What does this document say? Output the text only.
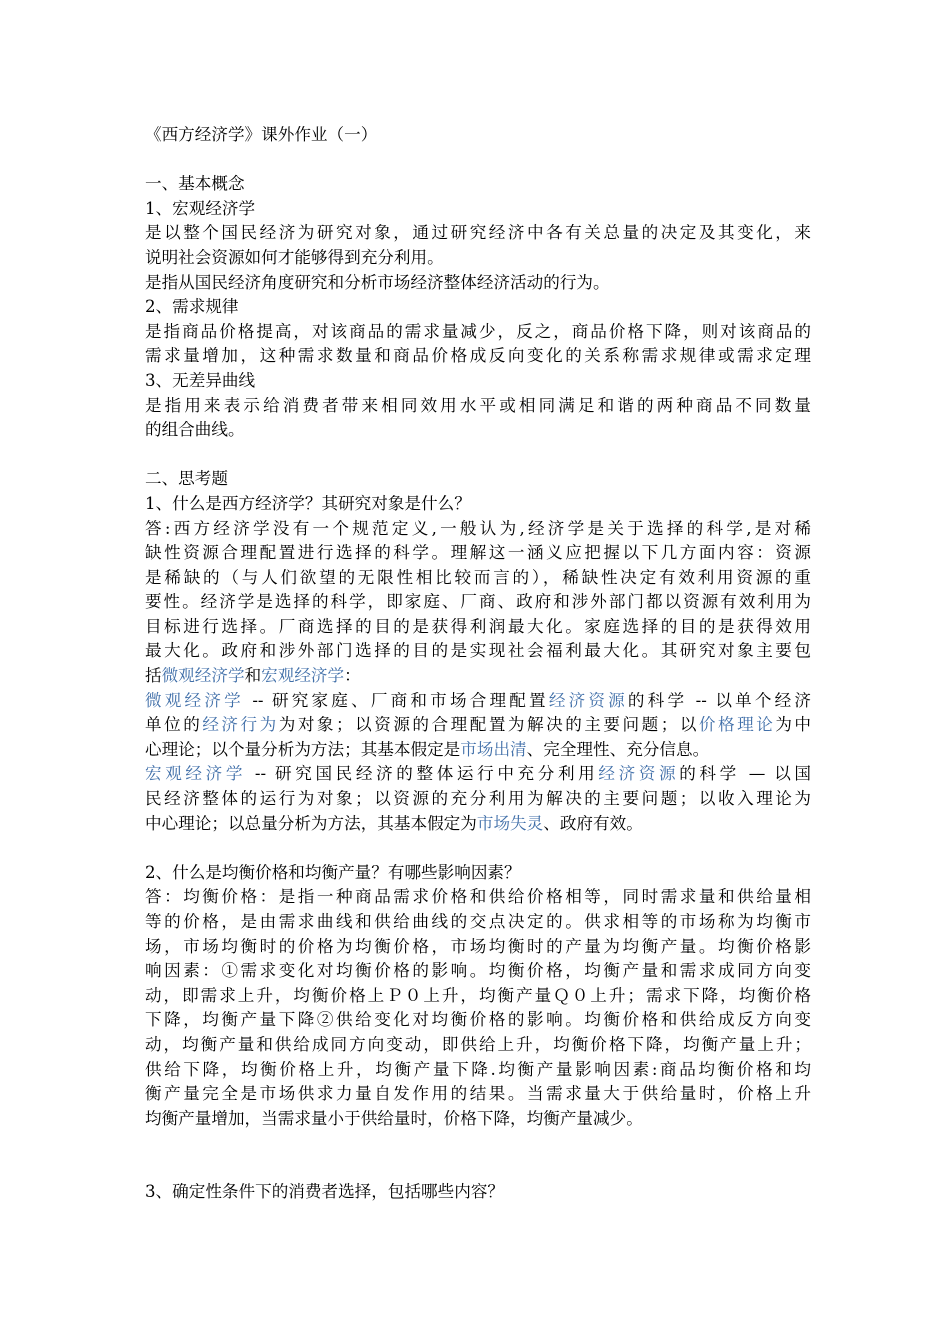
《西方经济学》课外作业（一）
一、基本概念
1、宏观经济学
是以整个国民经济为研究对象，通过研究经济中各有关总量的决定及其变化，来
说明社会资源如何才能够得到充分利用。
是指从国民经济角度研究和分析市场经济整体经济活动的行为。
2、需求规律
是指商品价格提高，对该商品的需求量减少，反之，商品价格下降，则对该商品的
需求量增加，这种需求数量和商品价格成反向变化的关系称需求规律或需求定理
3、无差异曲线
是指用来表示给消费者带来相同效用水平或相同满足和谐的两种商品不同数量
的组合曲线。
二、思考题
1、什么是西方经济学？其研究对象是什么？
答:西方经济学没有一个规范定义,一般认为,经济学是关于选择的科学,是对稀
缺性资源合理配置进行选择的科学。理解这一涵义应把握以下几方面内容：资源
是稀缺的（与人们欲望的无限性相比较而言的），稀缺性决定有效利用资源的重
要性。经济学是选择的科学，即家庭、厂商、政府和涉外部门都以资源有效利用为
目标进行选择。厂商选择的目的是获得利润最大化。家庭选择的目的是获得效用
最大化。政府和涉外部门选择的目的是实现社会福利最大化。其研究对象主要包
括微观经济学和宏观经济学：
微观经济学 -- 研究家庭、厂商和市场合理配置经济资源的科学 -- 以单个经济
单位的经济行为为对象；以资源的合理配置为解决的主要问题；以价格理论为中
心理论；以个量分析为方法；其基本假定是市场出清、完全理性、充分信息。
宏观经济学 -- 研究国民经济的整体运行中充分利用经济资源的科学 — 以国
民经济整体的运行为对象；以资源的充分利用为解决的主要问题；以收入理论为
中心理论；以总量分析为方法，其基本假定为市场失灵、政府有效。
2、什么是均衡价格和均衡产量？有哪些影响因素？
答：均衡价格：是指一种商品需求价格和供给价格相等，同时需求量和供给量相
等的价格，是由需求曲线和供给曲线的交点决定的。供求相等的市场称为均衡市
场，市场均衡时的价格为均衡价格，市场均衡时的产量为均衡产量。均衡价格影
响因素：①需求变化对均衡价格的影响。均衡价格，均衡产量和需求成同方向变
动，即需求上升，均衡价格上Ｐ０上升，均衡产量Ｑ０上升；需求下降，均衡价格
下降，均衡产量下降②供给变化对均衡价格的影响。均衡价格和供给成反方向变
动，均衡产量和供给成同方向变动，即供给上升，均衡价格下降，均衡产量上升；
供给下降，均衡价格上升，均衡产量下降.均衡产量影响因素:商品均衡价格和均
衡产量完全是市场供求力量自发作用的结果。当需求量大于供给量时，价格上升
均衡产量增加，当需求量小于供给量时，价格下降，均衡产量减少。
3、确定性条件下的消费者选择，包括哪些内容？
